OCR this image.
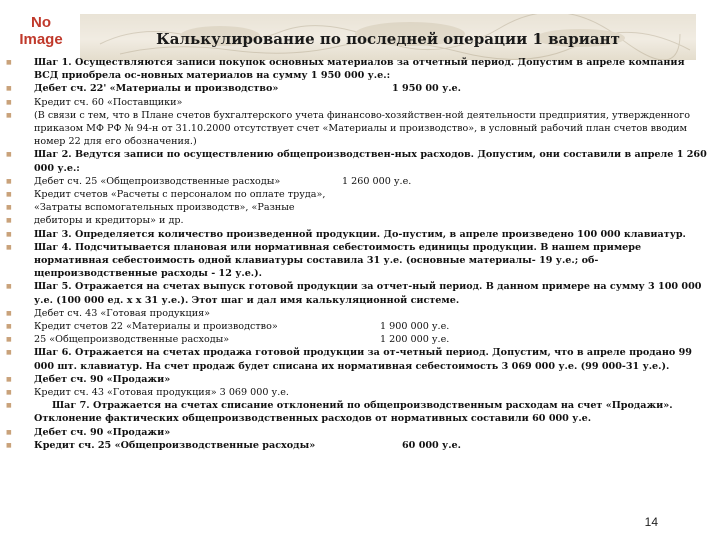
No
Image	Калькулирование по последней операции 1 вариант
■ Шаг 1. Осуществляются записи покупок основных материалов за отчетный период. Допустим в апреле компания ВСД приобрела ос-новных материалов на сумму 1 950 000 у.е.:
■ Дебет сч. 22' «Материалы и производство»	1 950 00 у.е.
■ Кредит сч. 60 «Поставщики»
■ (В связи с тем, что в Плане счетов бухгалтерского учета финансово-хозяйствен-ной деятельности предприятия, утвержденного приказом МФ РФ № 94-н от 31.10.2000 отсутствует счет «Материалы и производство», в условный рабочий план счетов вводим номер 22 для его обозначения.)
■ Шаг 2. Ведутся записи по осуществлению общепроизводствен-ных расходов. Допустим, они составили в апреле 1 260 000 у.е.:
■ Дебет сч. 25 «Общепроизводственные расходы»	1 260 000 у.е.
■ Кредит счетов «Расчеты с персоналом по оплате труда»,
■ «Затраты вспомогательных производств», «Разные
■ дебиторы и кредиторы» и др.
■ Шаг 3. Определяется количество произведенной продукции. До-пустим, в апреле произведено 100 000 клавиатур.
■ Шаг 4. Подсчитывается плановая или нормативная себестоимость единицы продукции. В нашем примере нормативная себестоимость одной клавиатуры составила 31 у.е. (основные материалы- 19 у.е.; об-щепроизводственные расходы - 12 у.е.).
■ Шаг 5. Отражается на счетах выпуск готовой продукции за отчет-ный период. В данном примере на сумму 3 100 000 у.е. (100 000 ед. х х 31 у.е.). Этот шаг и дал имя калькуляционной системе.
■ Дебет сч. 43 «Готовая продукция»
■ Кредит счетов 22 «Материалы и производство»	1 900 000 у.е.
■ 25 «Общепроизводственные расходы»	1 200 000 у.е.
■ Шаг 6. Отражается на счетах продажа готовой продукции за от-четный период. Допустим, что в апреле продано 99 000 шт. клавиатур. На счет продаж будет списана их нормативная себестоимость 3 069 000 у.е. (99 000-31 у.е.).
■ Дебет сч. 90 «Продажи»
■ Кредит сч. 43 «Готовая продукция» 3 069 000 у.е.
■	Шаг 7. Отражается на счетах списание отклонений по общепроизводственным расходам на счет «Продажи». Отклонение фактических общепроизводственных расходов от нормативных составили 60 000 у.е.
■ Дебет сч. 90 «Продажи»
■ Кредит сч. 25 «Общепроизводственные расходы»	60 000 у.е.
14
